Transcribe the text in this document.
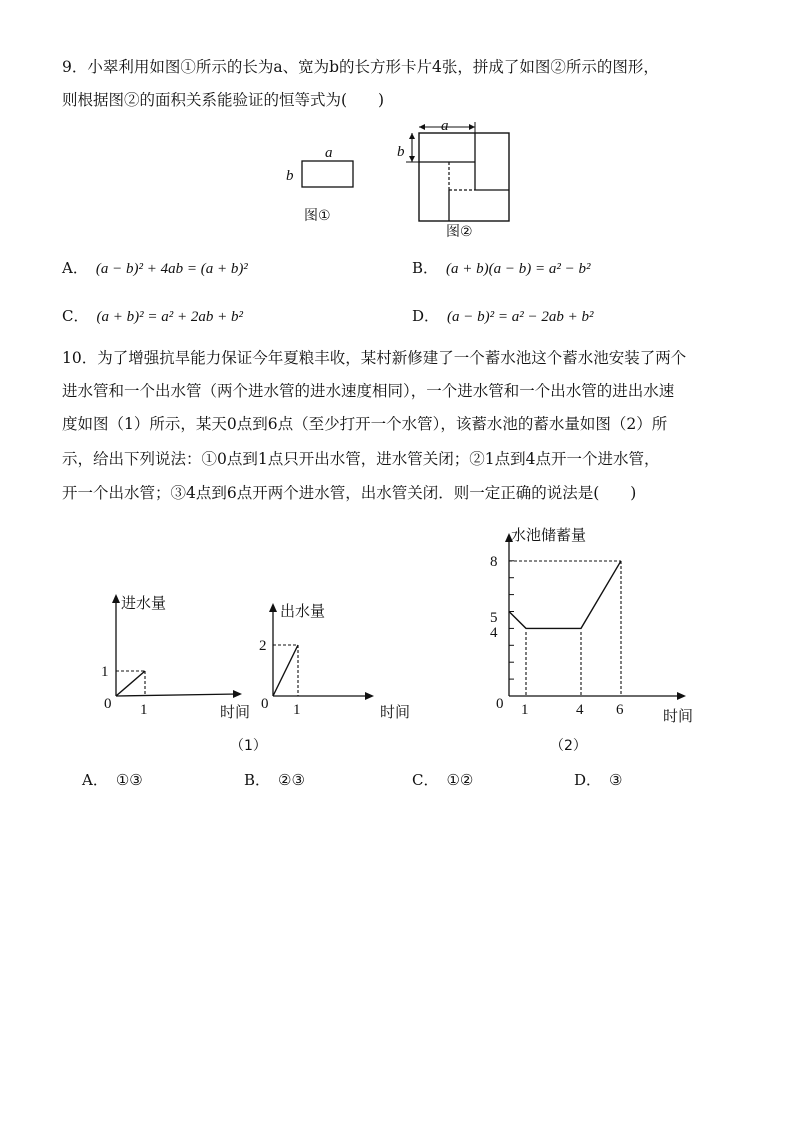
9．小翠利用如图①所示的长为a、宽为b的长方形卡片4张，拼成了如图②所示的图形，
则根据图②的面积关系能验证的恒等式为(　　)
a
b
图①
a
b
图②
进水量
时间
1
0 1
出水量
时间
2
0 1
水池储蓄量
时间
8
5
4
0 1	4 6
（1）	（2）
A． (a − b)² + 4ab = (a + b)²	B． (a + b)(a − b) = a² − b²
C． (a + b)² = a² + 2ab + b²	D． (a − b)² = a² − 2ab + b²
10．为了增强抗旱能力保证今年夏粮丰收，某村新修建了一个蓄水池这个蓄水池安装了两个
进水管和一个出水管（两个进水管的进水速度相同），一个进水管和一个出水管的进出水速
度如图（1）所示，某天0点到6点（至少打开一个水管），该蓄水池的蓄水量如图（2）所
示，给出下列说法：①0点到1点只开出水管，进水管关闭；②1点到4点开一个进水管，
开一个出水管；③4点到6点开两个进水管，出水管关闭．则一定正确的说法是(　　)
A． ①③	B． ②③	C． ①②	D． ③
